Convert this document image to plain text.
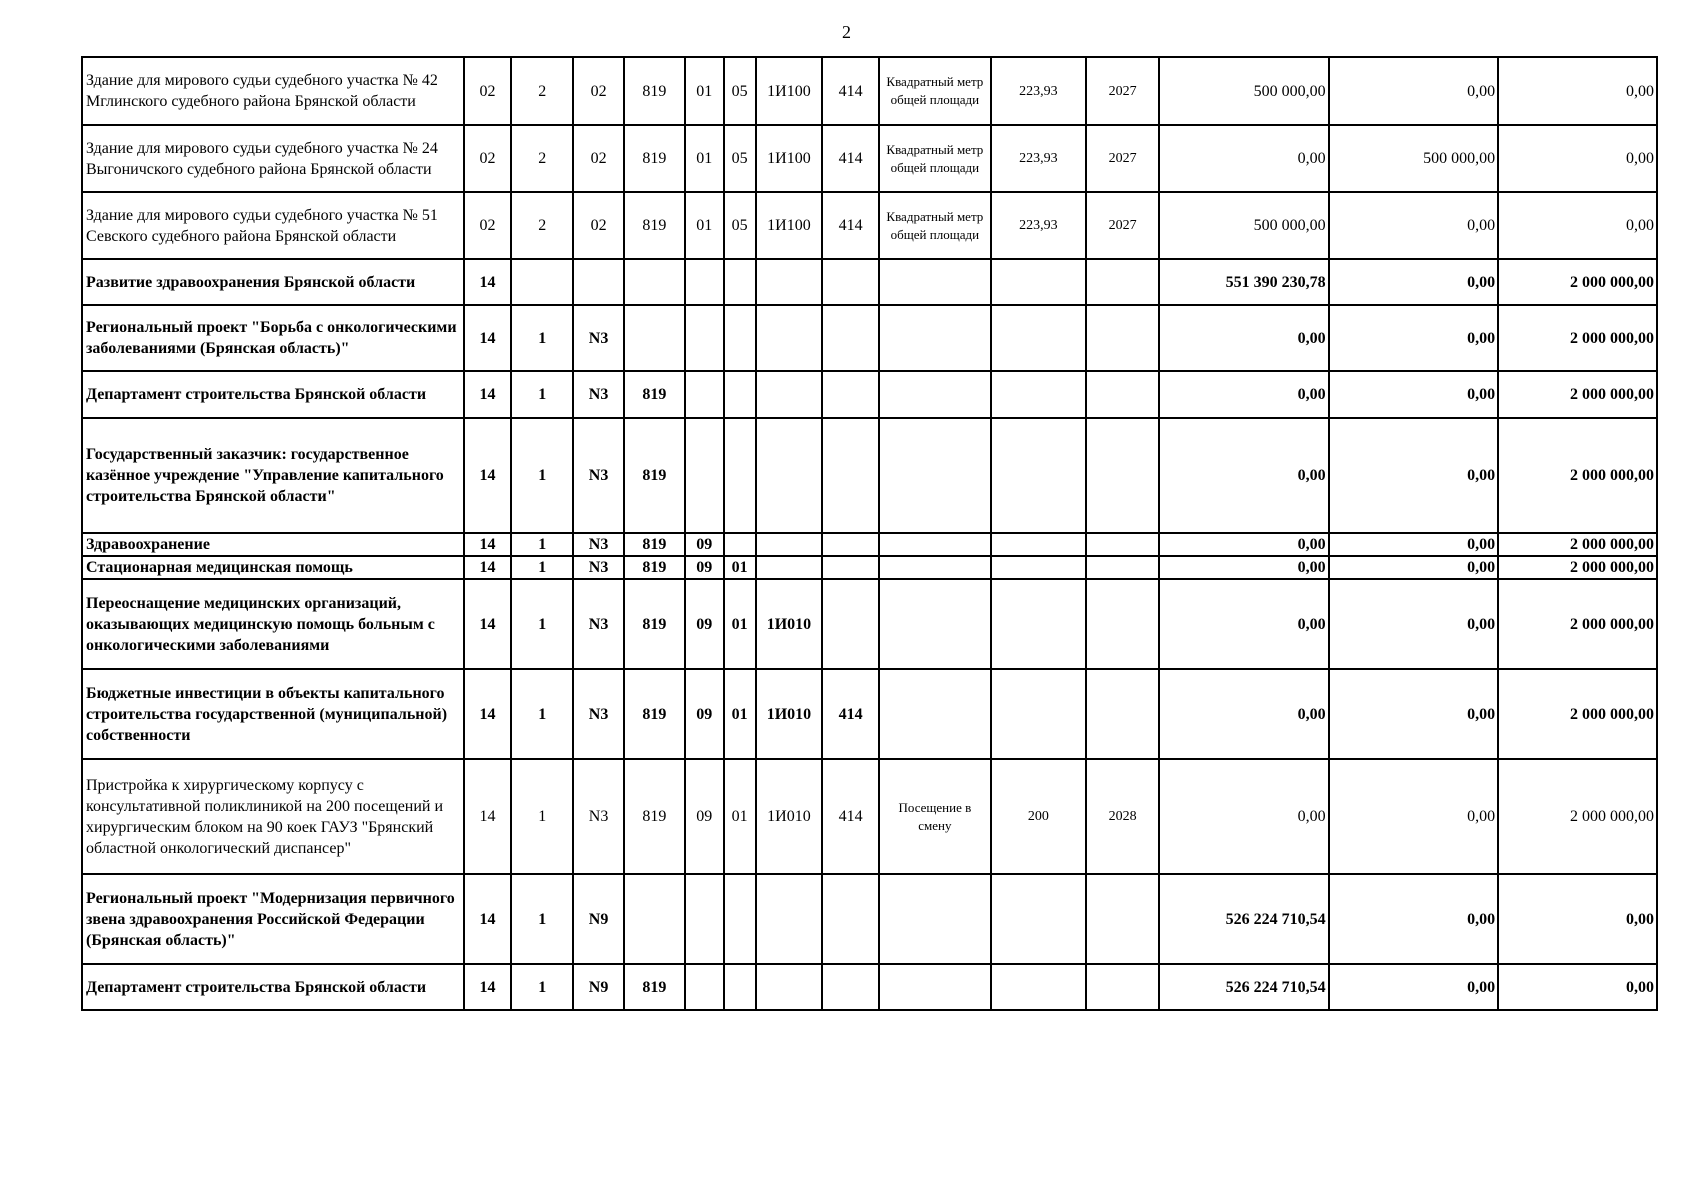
2
Здание для мирового судьи судебного участка № 42 Мглинского судебного района Брянской области	02	2	02	819	01	05	1И100	414	Квадратный метр общей площади	223,93	2027	500 000,00	0,00	0,00
Здание для мирового судьи судебного участка № 24 Выгоничского судебного района Брянской области	02	2	02	819	01	05	1И100	414	Квадратный метр общей площади	223,93	2027	0,00	500 000,00	0,00
Здание для мирового судьи судебного участка № 51 Севского судебного района Брянской области	02	2	02	819	01	05	1И100	414	Квадратный метр общей площади	223,93	2027	500 000,00	0,00	0,00
Развитие здравоохранения Брянской области	14											551 390 230,78	0,00	2 000 000,00
Региональный проект "Борьба с онкологическими заболеваниями (Брянская область)"	14	1	N3									0,00	0,00	2 000 000,00
Департамент строительства Брянской области	14	1	N3	819								0,00	0,00	2 000 000,00
Государственный заказчик: государственное казённое учреждение "Управление капитального строительства Брянской области"	14	1	N3	819								0,00	0,00	2 000 000,00
Здравоохранение	14	1	N3	819	09							0,00	0,00	2 000 000,00
Стационарная медицинская помощь	14	1	N3	819	09	01						0,00	0,00	2 000 000,00
Переоснащение медицинских организаций, оказывающих медицинскую помощь больным с онкологическими заболеваниями	14	1	N3	819	09	01	1И010					0,00	0,00	2 000 000,00
Бюджетные инвестиции в объекты капитального строительства государственной (муниципальной) собственности	14	1	N3	819	09	01	1И010	414				0,00	0,00	2 000 000,00
Пристройка к хирургическому корпусу с консультативной поликлиникой на 200 посещений и хирургическим блоком на 90 коек ГАУЗ "Брянский областной онкологический диспансер"	14	1	N3	819	09	01	1И010	414	Посещение в смену	200	2028	0,00	0,00	2 000 000,00
Региональный проект "Модернизация первичного звена здравоохранения Российской Федерации (Брянская область)"	14	1	N9									526 224 710,54	0,00	0,00
Департамент строительства Брянской области	14	1	N9	819								526 224 710,54	0,00	0,00
